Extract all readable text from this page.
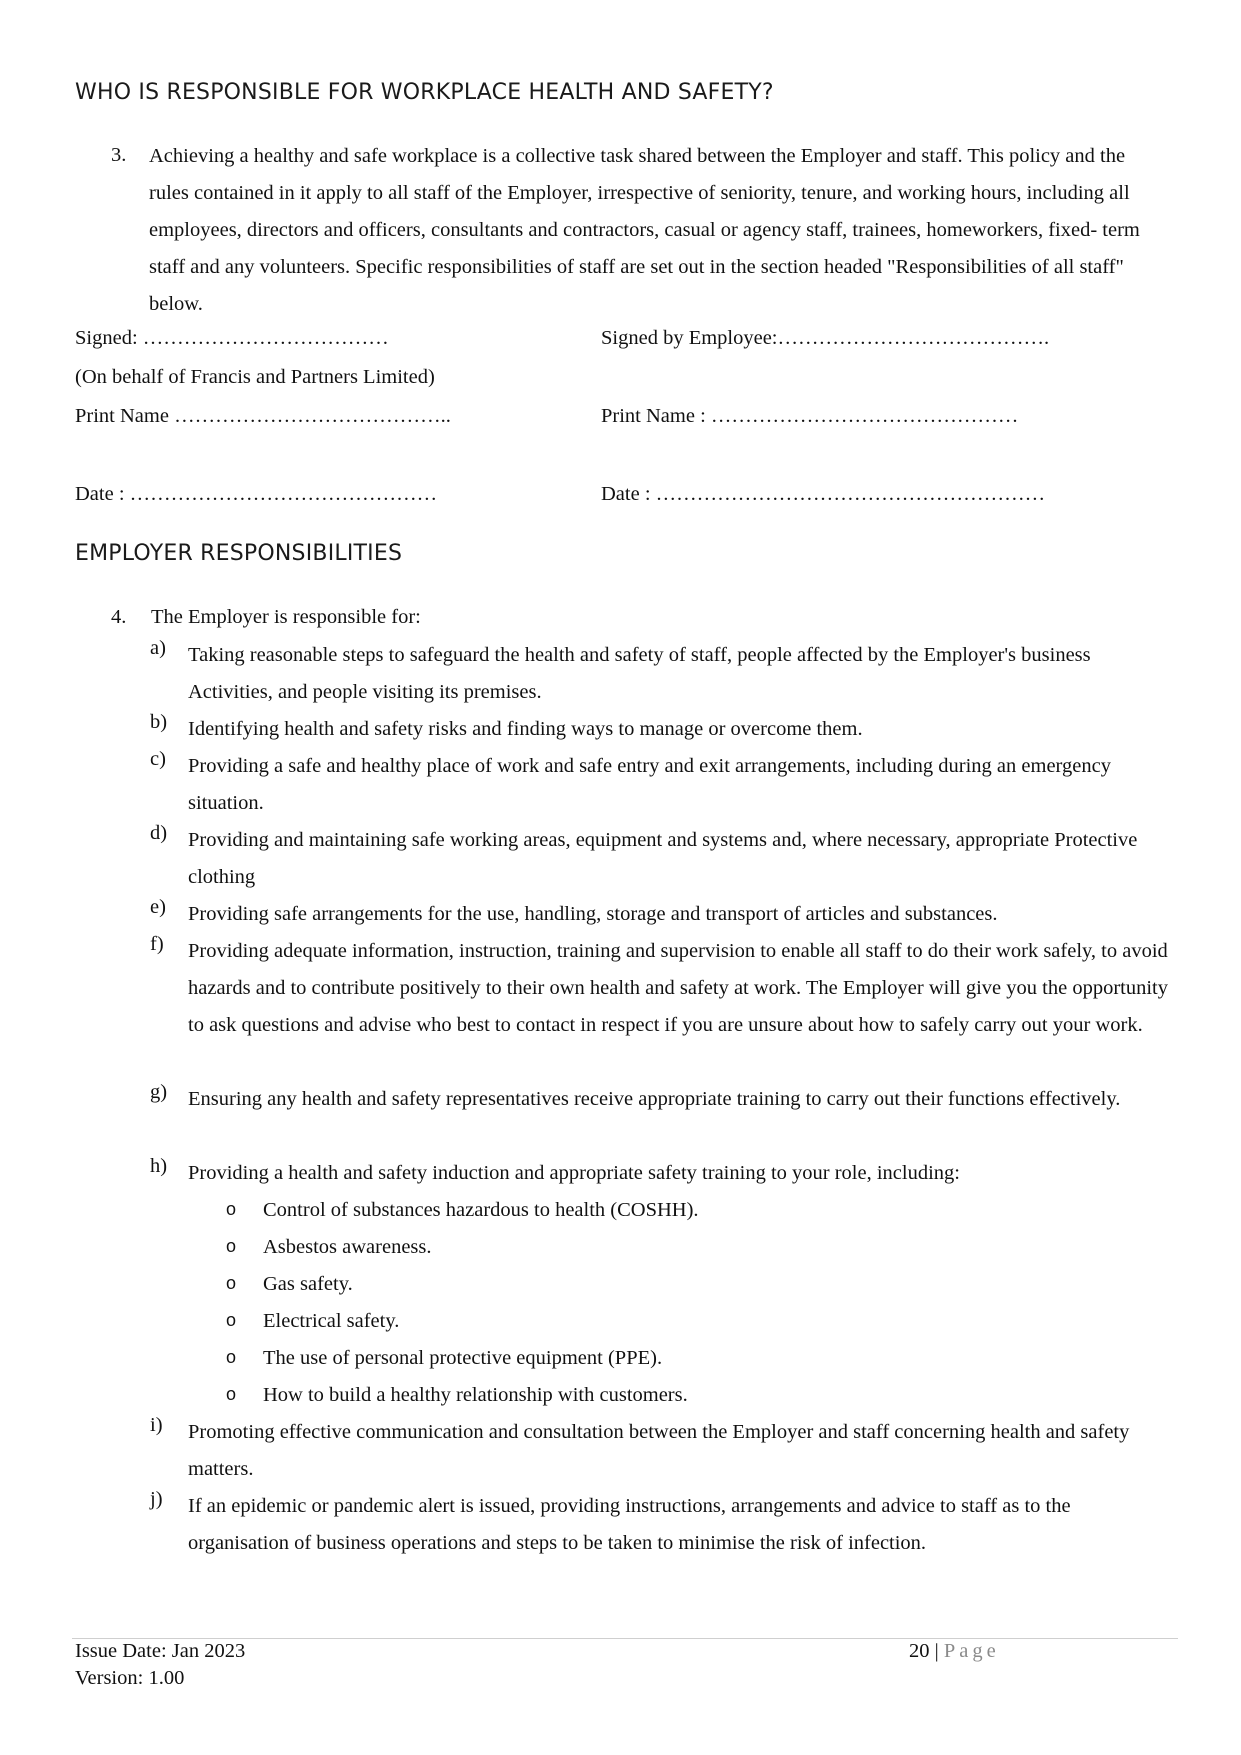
WHO IS RESPONSIBLE FOR WORKPLACE HEALTH AND SAFETY?
3. Achieving a healthy and safe workplace is a collective task shared between the Employer and staff. This policy and the rules contained in it apply to all staff of the Employer, irrespective of seniority, tenure, and working hours, including all employees, directors and officers, consultants and contractors, casual or agency staff, trainees, homeworkers, fixed- term staff and any volunteers. Specific responsibilities of staff are set out in the section headed "Responsibilities of all staff" below.

Signed: ………………………………	Signed by Employee:………………………………….
(On behalf of Francis and Partners Limited)
Print Name …………………………………..	Print Name : ………………………………………
Date : ………………………………………	Date : …………………………………………………
EMPLOYER RESPONSIBILITIES
4. The Employer is responsible for:
a) Taking reasonable steps to safeguard the health and safety of staff, people affected by the Employer's business Activities, and people visiting its premises.
b) Identifying health and safety risks and finding ways to manage or overcome them.
c) Providing a safe and healthy place of work and safe entry and exit arrangements, including during an emergency situation.
d) Providing and maintaining safe working areas, equipment and systems and, where necessary, appropriate Protective clothing
e) Providing safe arrangements for the use, handling, storage and transport of articles and substances.
f) Providing adequate information, instruction, training and supervision to enable all staff to do their work safely, to avoid hazards and to contribute positively to their own health and safety at work. The Employer will give you the opportunity to ask questions and advise who best to contact in respect if you are unsure about how to safely carry out your work.
g) Ensuring any health and safety representatives receive appropriate training to carry out their functions effectively.
h) Providing a health and safety induction and appropriate safety training to your role, including:
o Control of substances hazardous to health (COSHH).
o Asbestos awareness.
o Gas safety.
o Electrical safety.
o The use of personal protective equipment (PPE).
o How to build a healthy relationship with customers.
i) Promoting effective communication and consultation between the Employer and staff concerning health and safety matters.
j) If an epidemic or pandemic alert is issued, providing instructions, arrangements and advice to staff as to the organisation of business operations and steps to be taken to minimise the risk of infection.
Issue Date: Jan 2023
Version: 1.00
20 | Page
